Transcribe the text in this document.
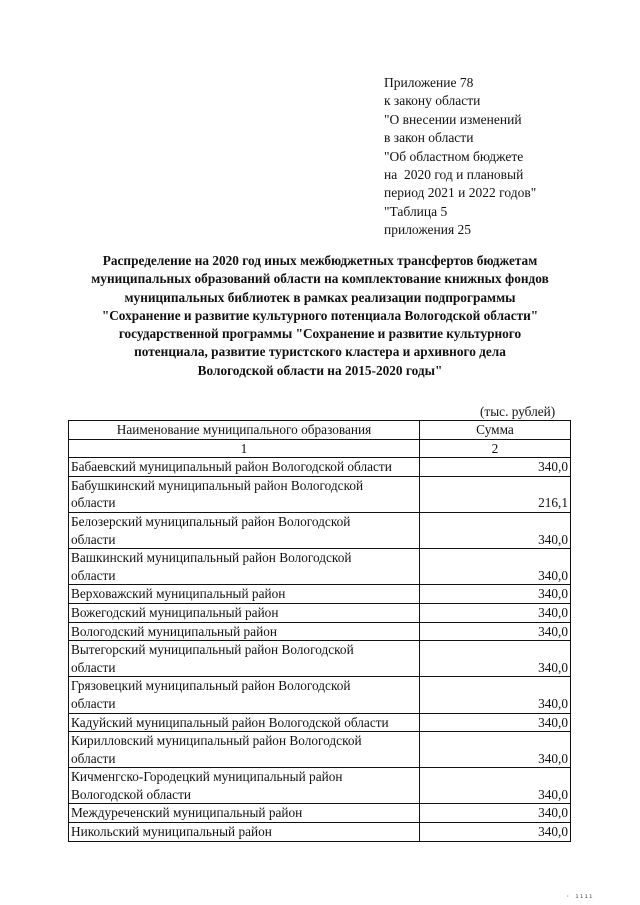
Приложение 78
к закону области
"О внесении изменений
в закон области
"Об областном бюджете
на  2020 год и плановый
период 2021 и 2022 годов"
"Таблица 5
приложения 25
Распределение на 2020 год иных межбюджетных трансфертов бюджетам
муниципальных образований области на комплектование книжных фондов
муниципальных библиотек в рамках реализации подпрограммы
"Сохранение и развитие культурного потенциала Вологодской области"
государственной программы "Сохранение и развитие культурного
потенциала, развитие туристского кластера и архивного дела
Вологодской области на 2015-2020 годы"
(тыс. рублей)
Наименование муниципального образования	Сумма
1	2
Бабаевский муниципальный район Вологодской области	340,0
Бабушкинский муниципальный район Вологодской
области	216,1
Белозерский муниципальный район Вологодской
области	340,0
Вашкинский муниципальный район Вологодской
области	340,0
Верховажский муниципальный район	340,0
Вожегодский муниципальный район	340,0
Вологодский муниципальный район	340,0
Вытегорский муниципальный район Вологодской
области	340,0
Грязовецкий муниципальный район Вологодской
области	340,0
Кадуйский муниципальный район Вологодской области	340,0
Кирилловский муниципальный район Вологодской
области	340,0
Кичменгско-Городецкий муниципальный район
Вологодской области	340,0
Междуреченский муниципальный район	340,0
Никольский муниципальный район	340,0
· ıııı
